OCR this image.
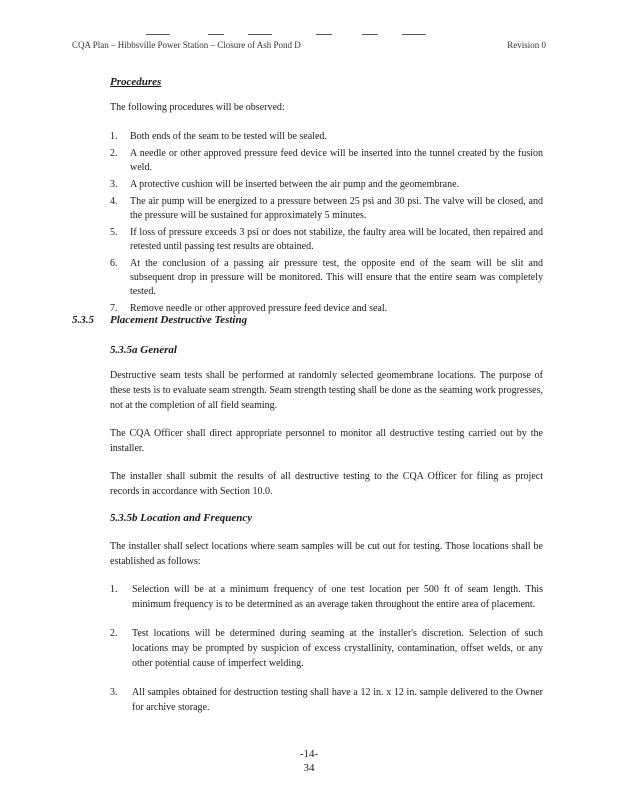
CQA Plan – Hibbsville Power Station – Closure of Ash Pond D	Revision 0
Procedures
The following procedures will be observed:
1. Both ends of the seam to be tested will be sealed.
2. A needle or other approved pressure feed device will be inserted into the tunnel created by the fusion weld.
3. A protective cushion will be inserted between the air pump and the geomembrane.
4. The air pump will be energized to a pressure between 25 psi and 30 psi. The valve will be closed, and the pressure will be sustained for approximately 5 minutes.
5. If loss of pressure exceeds 3 psi or does not stabilize, the faulty area will be located, then repaired and retested until passing test results are obtained.
6. At the conclusion of a passing air pressure test, the opposite end of the seam will be slit and subsequent drop in pressure will be monitored. This will ensure that the entire seam was completely tested.
7. Remove needle or other approved pressure feed device and seal.
5.3.5 Placement Destructive Testing
5.3.5a General
Destructive seam tests shall be performed at randomly selected geomembrane locations. The purpose of these tests is to evaluate seam strength. Seam strength testing shall be done as the seaming work progresses, not at the completion of all field seaming.
The CQA Officer shall direct appropriate personnel to monitor all destructive testing carried out by the installer.
The installer shall submit the results of all destructive testing to the CQA Officer for filing as project records in accordance with Section 10.0.
5.3.5b Location and Frequency
The installer shall select locations where seam samples will be cut out for testing. Those locations shall be established as follows:
1. Selection will be at a minimum frequency of one test location per 500 ft of seam length. This minimum frequency is to be determined as an average taken throughout the entire area of placement.
2. Test locations will be determined during seaming at the installer's discretion. Selection of such locations may be prompted by suspicion of excess crystallinity, contamination, offset welds, or any other potential cause of imperfect welding.
3. All samples obtained for destruction testing shall have a 12 in. x 12 in. sample delivered to the Owner for archive storage.
-14-
34
